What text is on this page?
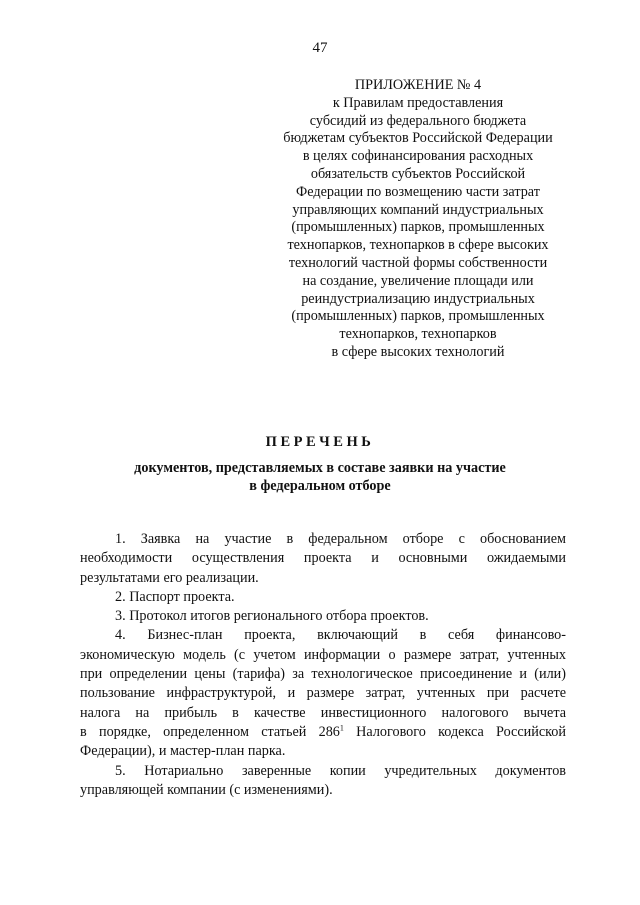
47
ПРИЛОЖЕНИЕ № 4
к Правилам предоставления
субсидий из федерального бюджета
бюджетам субъектов Российской Федерации
в целях софинансирования расходных
обязательств субъектов Российской
Федерации по возмещению части затрат
управляющих компаний индустриальных
(промышленных) парков, промышленных
технопарков, технопарков в сфере высоких
технологий частной формы собственности
на создание, увеличение площади или
реиндустриализацию индустриальных
(промышленных) парков, промышленных
технопарков, технопарков
в сфере высоких технологий
ПЕРЕЧЕНЬ
документов, представляемых в составе заявки на участие
в федеральном отборе
1. Заявка на участие в федеральном отборе с обоснованием
необходимости осуществления проекта и основными ожидаемыми
результатами его реализации.
2. Паспорт проекта.
3. Протокол итогов регионального отбора проектов.
4. Бизнес-план проекта, включающий в себя финансово-
экономическую модель (с учетом информации о размере затрат, учтенных
при определении цены (тарифа) за технологическое присоединение и (или)
пользование инфраструктурой, и размере затрат, учтенных при расчете
налога на прибыль в качестве инвестиционного налогового вычета
в порядке, определенном статьей $286^1$ Налогового кодекса Российской
Федерации), и мастер-план парка.
5. Нотариально заверенные копии учредительных документов
управляющей компании (с изменениями).
